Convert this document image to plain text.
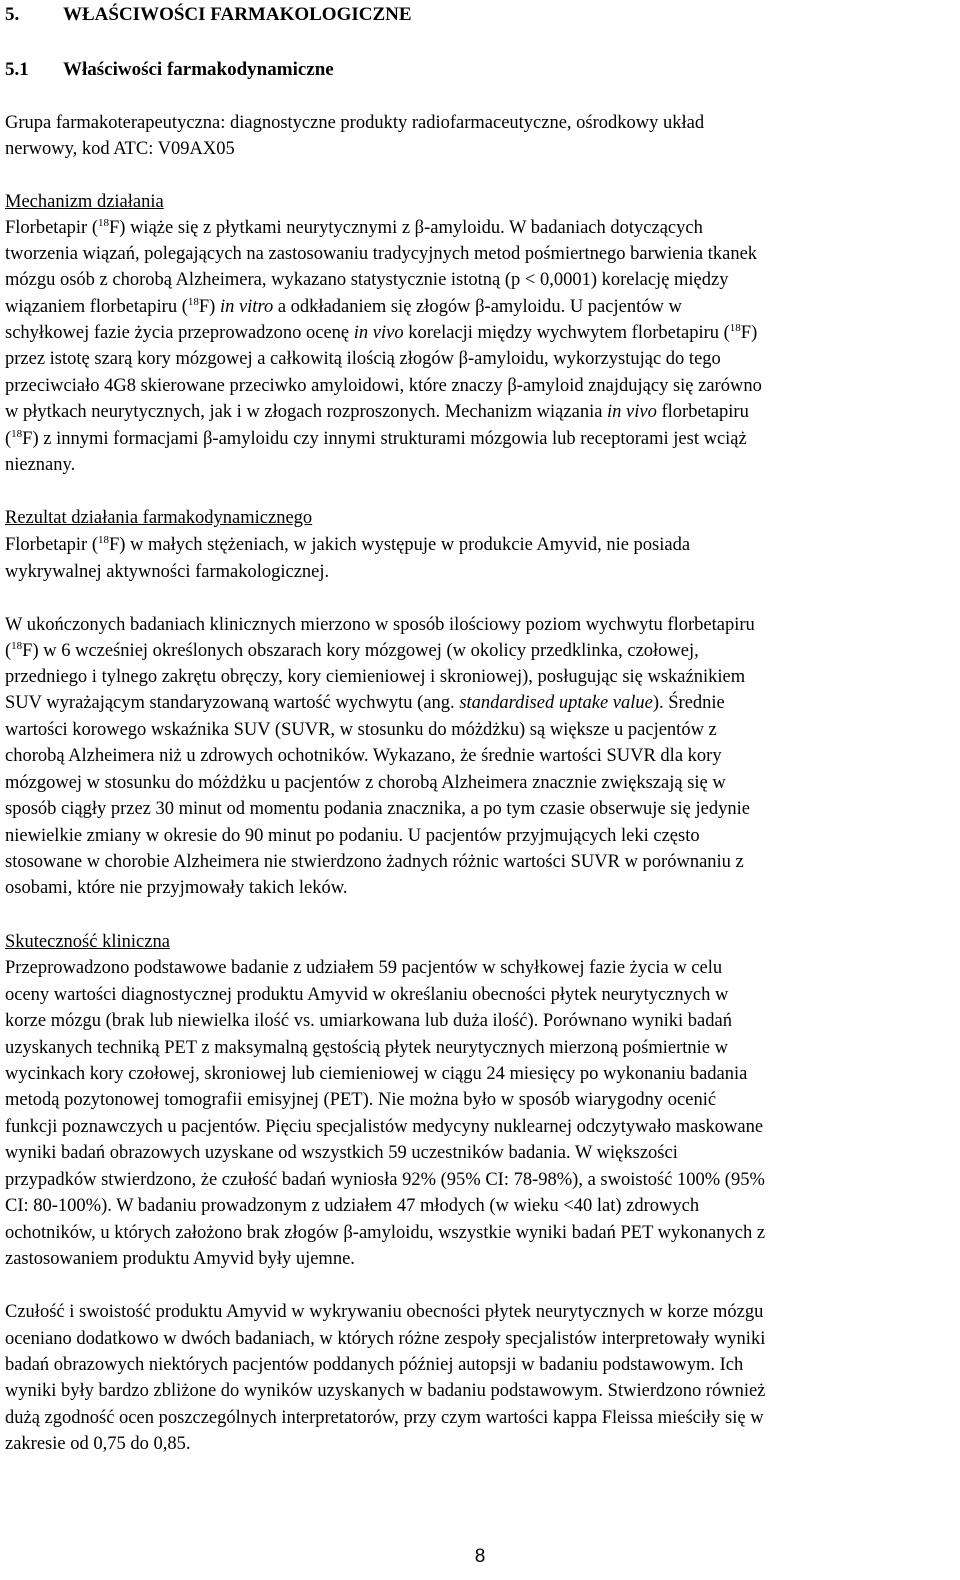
5. WŁAŚCIWOŚCI FARMAKOLOGICZNE
5.1 Właściwości farmakodynamiczne
Grupa farmakoterapeutyczna: diagnostyczne produkty radiofarmaceutyczne, ośrodkowy układ
nerwowy, kod ATC: V09AX05
Mechanizm działania
Florbetapir ($^{18}$F) wiąże się z płytkami neurytycznymi z β-amyloidu. W badaniach dotyczących
tworzenia wiązań, polegających na zastosowaniu tradycyjnych metod pośmiertnego barwienia tkanek
mózgu osób z chorobą Alzheimera, wykazano statystycznie istotną (p < 0,0001) korelację między
wiązaniem florbetapiru ($^{18}$F) in vitro a odkładaniem się złogów β-amyloidu. U pacjentów w
schyłkowej fazie życia przeprowadzono ocenę in vivo korelacji między wychwytem florbetapiru ($^{18}$F)
przez istotę szarą kory mózgowej a całkowitą ilością złogów β-amyloidu, wykorzystując do tego
przeciwciało 4G8 skierowane przeciwko amyloidowi, które znaczy β-amyloid znajdujący się zarówno
w płytkach neurytycznych, jak i w złogach rozproszonych. Mechanizm wiązania in vivo florbetapiru
($^{18}$F) z innymi formacjami β-amyloidu czy innymi strukturami mózgowia lub receptorami jest wciąż
nieznany.
Rezultat działania farmakodynamicznego
Florbetapir ($^{18}$F) w małych stężeniach, w jakich występuje w produkcie Amyvid, nie posiada
wykrywalnej aktywności farmakologicznej.
W ukończonych badaniach klinicznych mierzono w sposób ilościowy poziom wychwytu florbetapiru
($^{18}$F) w 6 wcześniej określonych obszarach kory mózgowej (w okolicy przedklinka, czołowej,
przedniego i tylnego zakrętu obręczy, kory ciemieniowej i skroniowej), posługując się wskaźnikiem
SUV wyrażającym standaryzowaną wartość wychwytu (ang. standardised uptake value). Średnie
wartości korowego wskaźnika SUV (SUVR, w stosunku do móżdżku) są większe u pacjentów z
chorobą Alzheimera niż u zdrowych ochotników. Wykazano, że średnie wartości SUVR dla kory
mózgowej w stosunku do móżdżku u pacjentów z chorobą Alzheimera znacznie zwiększają się w
sposób ciągły przez 30 minut od momentu podania znacznika, a po tym czasie obserwuje się jedynie
niewielkie zmiany w okresie do 90 minut po podaniu. U pacjentów przyjmujących leki często
stosowane w chorobie Alzheimera nie stwierdzono żadnych różnic wartości SUVR w porównaniu z
osobami, które nie przyjmowały takich leków.
Skuteczność kliniczna
Przeprowadzono podstawowe badanie z udziałem 59 pacjentów w schyłkowej fazie życia w celu
oceny wartości diagnostycznej produktu Amyvid w określaniu obecności płytek neurytycznych w
korze mózgu (brak lub niewielka ilość vs. umiarkowana lub duża ilość). Porównano wyniki badań
uzyskanych techniką PET z maksymalną gęstością płytek neurytycznych mierzoną pośmiertnie w
wycinkach kory czołowej, skroniowej lub ciemieniowej w ciągu 24 miesięcy po wykonaniu badania
metodą pozytonowej tomografii emisyjnej (PET). Nie można było w sposób wiarygodny ocenić
funkcji poznawczych u pacjentów. Pięciu specjalistów medycyny nuklearnej odczytywało maskowane
wyniki badań obrazowych uzyskane od wszystkich 59 uczestników badania. W większości
przypadków stwierdzono, że czułość badań wyniosła 92% (95% CI: 78-98%), a swoistość 100% (95%
CI: 80-100%). W badaniu prowadzonym z udziałem 47 młodych (w wieku <40 lat) zdrowych
ochotników, u których założono brak złogów β-amyloidu, wszystkie wyniki badań PET wykonanych z
zastosowaniem produktu Amyvid były ujemne.
Czułość i swoistość produktu Amyvid w wykrywaniu obecności płytek neurytycznych w korze mózgu
oceniano dodatkowo w dwóch badaniach, w których różne zespoły specjalistów interpretowały wyniki
badań obrazowych niektórych pacjentów poddanych później autopsji w badaniu podstawowym. Ich
wyniki były bardzo zbliżone do wyników uzyskanych w badaniu podstawowym. Stwierdzono również
dużą zgodność ocen poszczególnych interpretatorów, przy czym wartości kappa Fleissa mieściły się w
zakresie od 0,75 do 0,85.
8
